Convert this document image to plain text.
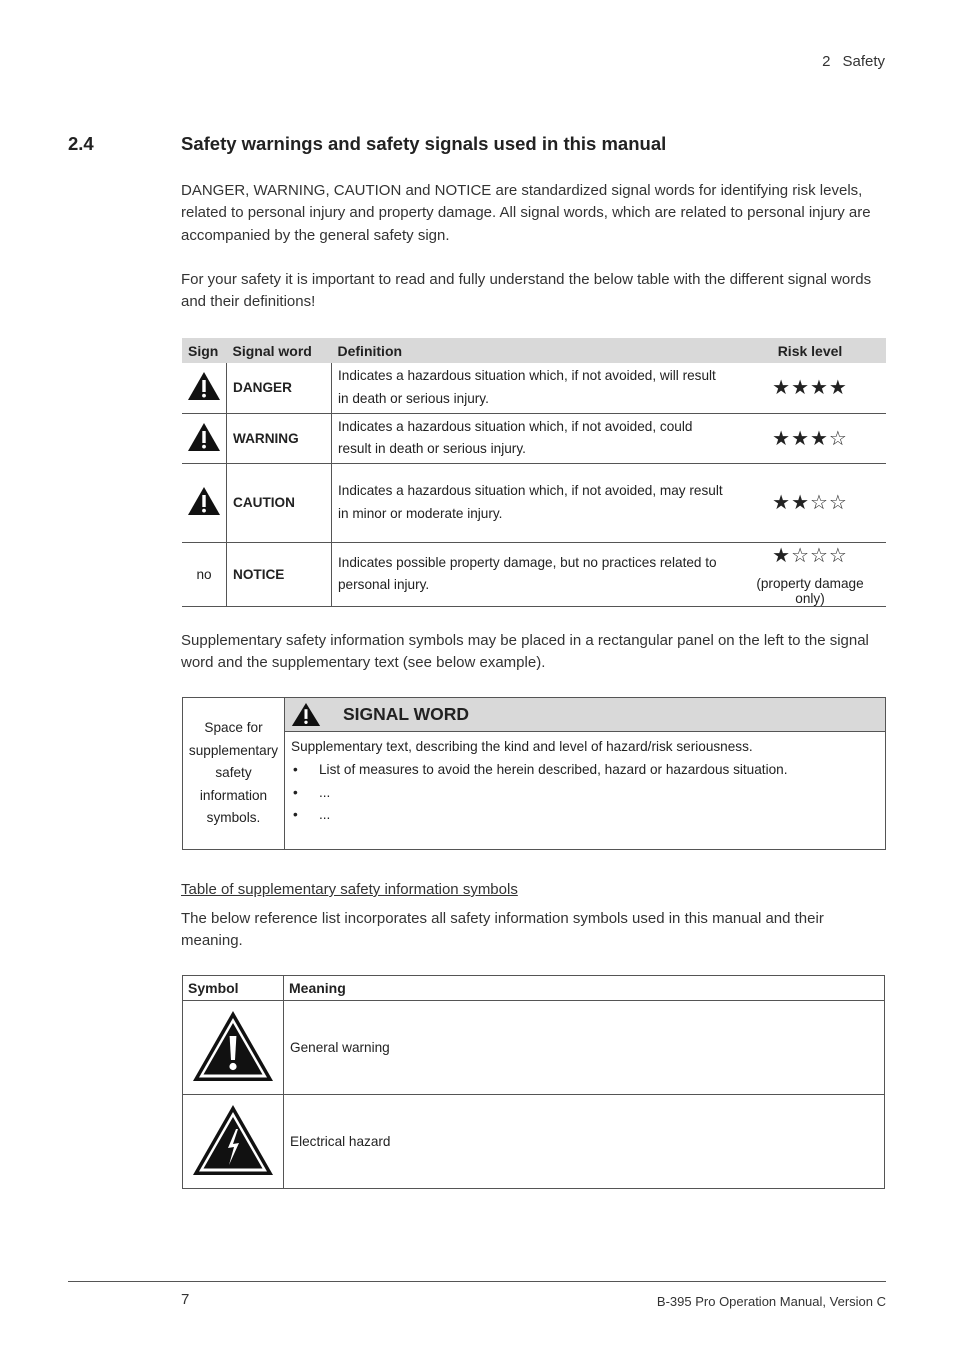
2 Safety
2.4	Safety warnings and safety signals used in this manual
DANGER, WARNING, CAUTION and NOTICE are standardized signal words for identifying risk levels, related to personal injury and property damage. All signal words, which are related to personal injury are accompanied by the general safety sign.
For your safety it is important to read and fully understand the below table with the different signal words and their definitions!
Sign	Signal word	Definition	Risk level
	DANGER	Indicates a hazardous situation which, if not avoided, will result in death or serious injury.	★★★★
	WARNING	Indicates a hazardous situation which, if not avoided, could result in death or serious injury.	★★★☆
	CAUTION	Indicates a hazardous situation which, if not avoided, may result in minor or moderate injury.	★★☆☆
no	NOTICE	Indicates possible property damage, but no practices related to personal injury.	★☆☆☆
(property damage only)
Supplementary safety information symbols may be placed in a rectangular panel on the left to the signal word and the supplementary text (see below example).
Space for supplementary safety information symbols.
SIGNAL WORD
Supplementary text, describing the kind and level of hazard/risk seriousness.
• List of measures to avoid the herein described, hazard or hazardous situation.
• ...
• ...
Table of supplementary safety information symbols
The below reference list incorporates all safety information symbols used in this manual and their meaning.
Symbol	Meaning
	General warning
	Electrical hazard
7	B-395 Pro Operation Manual, Version C
